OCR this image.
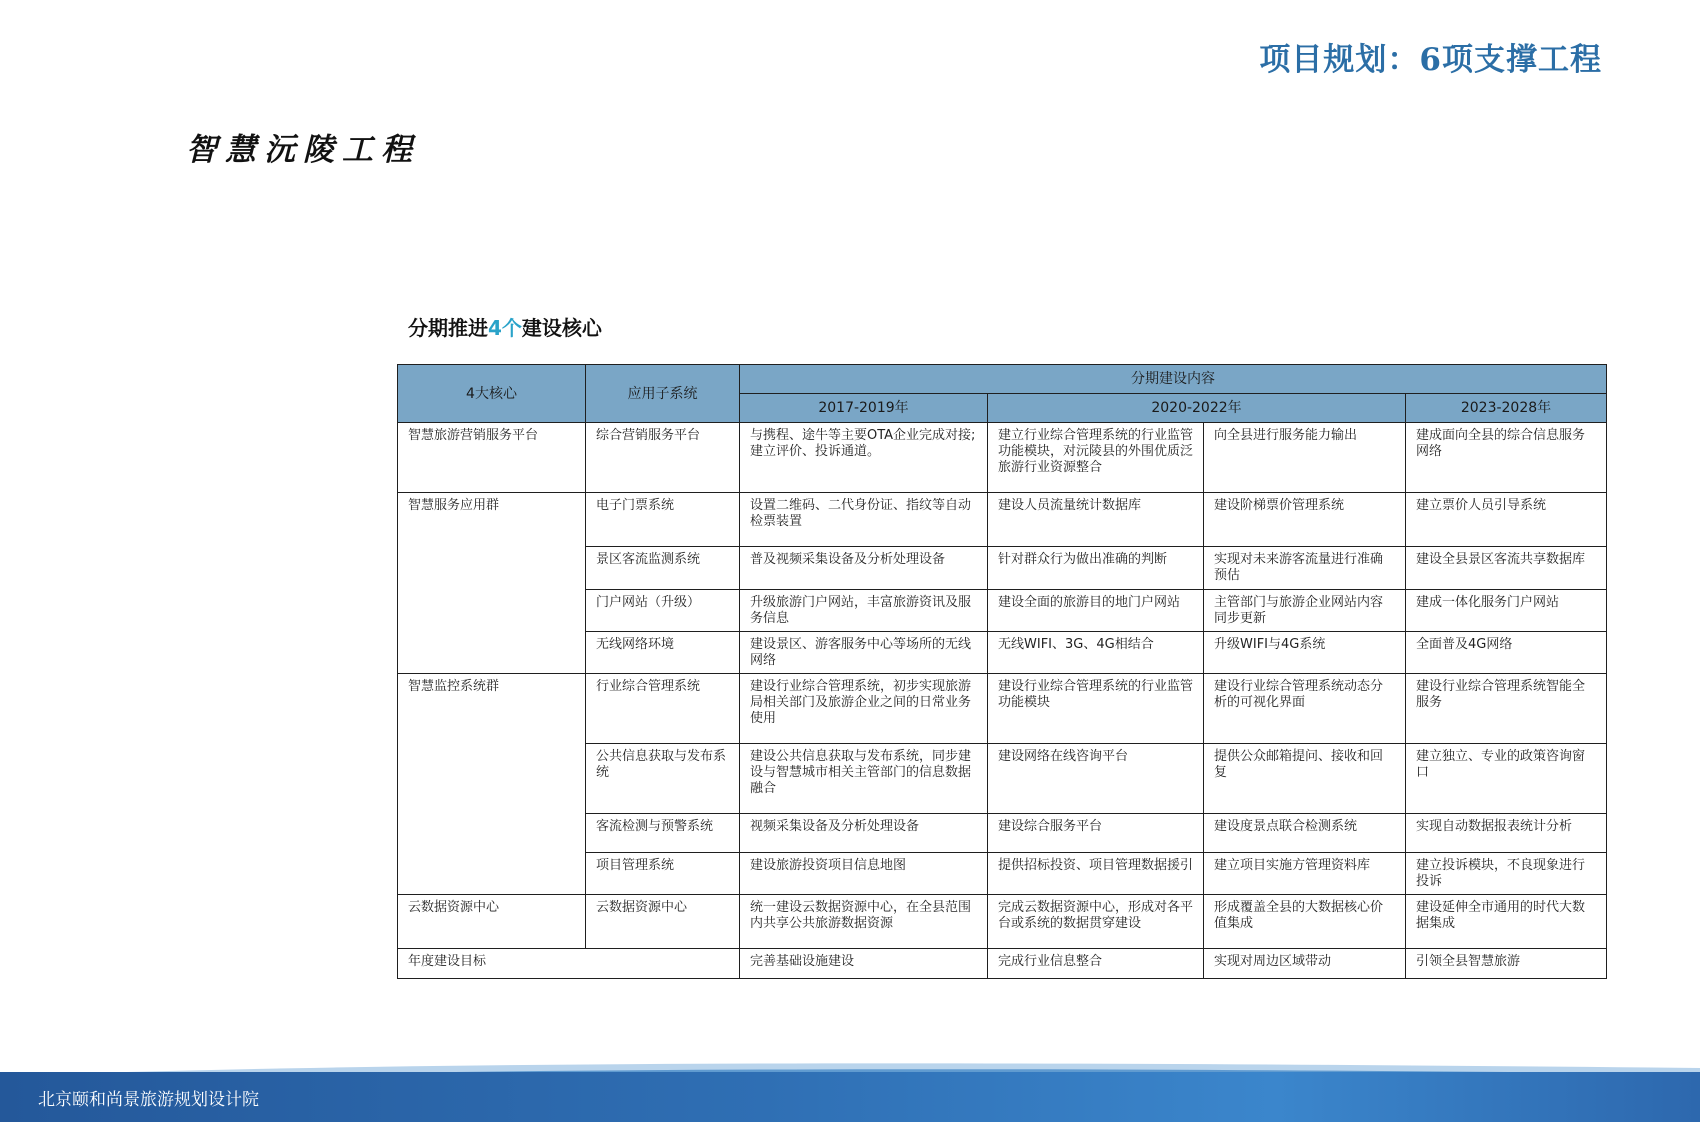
项目规划：6项支撑工程
智慧沅陵工程
分期推进4个建设核心
4大核心	应用子系统	分期建设内容			
		2017-2019年	2020-2022年		2023-2028年
智慧旅游营销服务平台	综合营销服务平台	与携程、途牛等主要OTA企业完成对接;建立评价、投诉通道。	建立行业综合管理系统的行业监管功能模块，对沅陵县的外围优质泛旅游行业资源整合	向全县进行服务能力输出	建成面向全县的综合信息服务网络
智慧服务应用群	电子门票系统	设置二维码、二代身份证、指纹等自动检票装置	建设人员流量统计数据库	建设阶梯票价管理系统	建立票价人员引导系统
	景区客流监测系统	普及视频采集设备及分析处理设备	针对群众行为做出准确的判断	实现对未来游客流量进行准确预估	建设全县景区客流共享数据库
	门户网站（升级）	升级旅游门户网站，丰富旅游资讯及服务信息	建设全面的旅游目的地门户网站	主管部门与旅游企业网站内容同步更新	建成一体化服务门户网站
	无线网络环境	建设景区、游客服务中心等场所的无线网络	无线WIFI、3G、4G相结合	升级WIFI与4G系统	全面普及4G网络
智慧监控系统群	行业综合管理系统	建设行业综合管理系统，初步实现旅游局相关部门及旅游企业之间的日常业务使用	建设行业综合管理系统的行业监管功能模块	建设行业综合管理系统动态分析的可视化界面	建设行业综合管理系统智能全服务
	公共信息获取与发布系统	建设公共信息获取与发布系统，同步建设与智慧城市相关主管部门的信息数据融合	建设网络在线咨询平台	提供公众邮箱提问、接收和回复	建立独立、专业的政策咨询窗口
	客流检测与预警系统	视频采集设备及分析处理设备	建设综合服务平台	建设度景点联合检测系统	实现自动数据报表统计分析
	项目管理系统	建设旅游投资项目信息地图	提供招标投资、项目管理数据援引	建立项目实施方管理资料库	建立投诉模块，不良现象进行投诉
云数据资源中心	云数据资源中心	统一建设云数据资源中心，在全县范围内共享公共旅游数据资源	完成云数据资源中心，形成对各平台或系统的数据贯穿建设	形成覆盖全县的大数据核心价值集成	建设延伸全市通用的时代大数据集成
年度建设目标		完善基础设施建设	完成行业信息整合	实现对周边区域带动	引领全县智慧旅游
北京颐和尚景旅游规划设计院
